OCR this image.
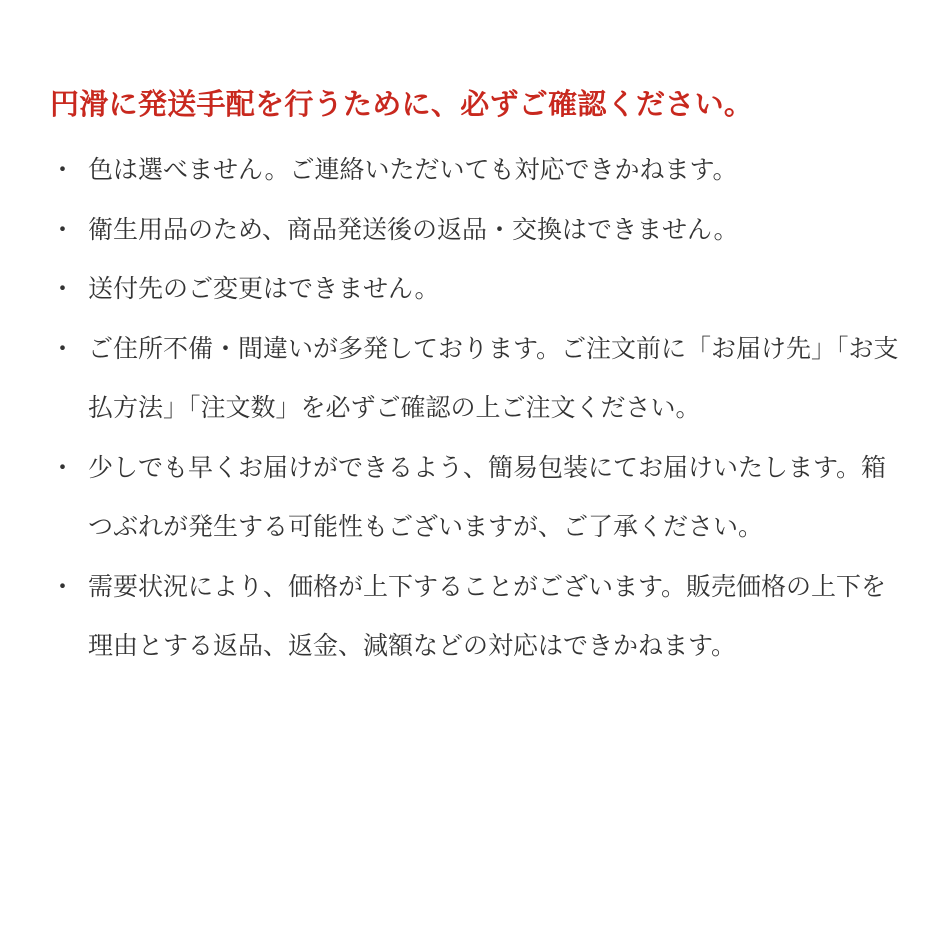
円滑に発送手配を行うために、必ずご確認ください。
・ 色は選べません。ご連絡いただいても対応できかねます。
・ 衛生用品のため、商品発送後の返品・交換はできません。
・ 送付先のご変更はできません。
・ ご住所不備・間違いが多発しております。ご注文前に「お届け先」「お支払方法」「注文数」を必ずご確認の上ご注文ください。
・ 少しでも早くお届けができるよう、簡易包装にてお届けいたします。箱つぶれが発生する可能性もございますが、ご了承ください。
・ 需要状況により、価格が上下することがございます。販売価格の上下を理由とする返品、返金、減額などの対応はできかねます。
